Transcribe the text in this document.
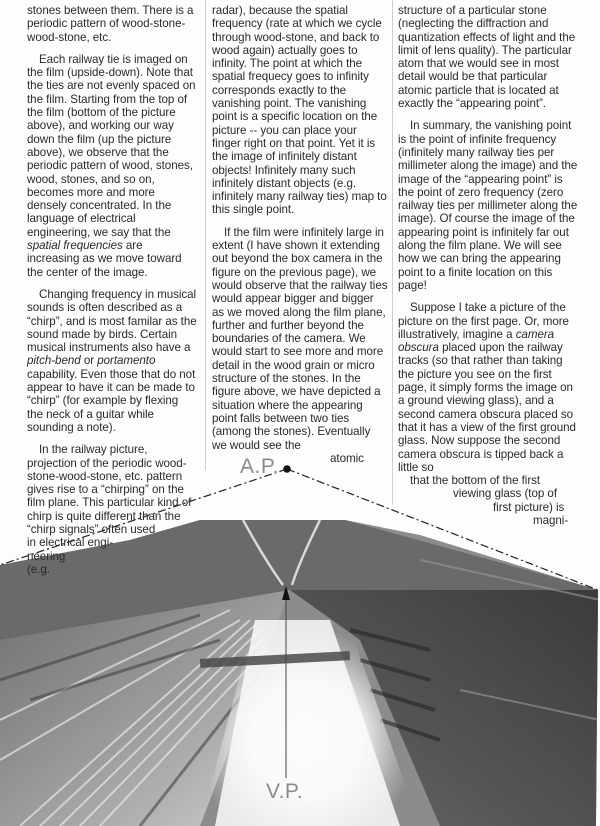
stones between them. There is a periodic pattern of wood-stone-wood-stone, etc.

Each railway tie is imaged on the film (upside-down). Note that the ties are not evenly spaced on the film. Starting from the top of the film (bottom of the picture above), and working our way down the film (up the picture above), we observe that the periodic pattern of wood, stones, wood, stones, and so on, becomes more and more densely concentrated. In the language of electrical engineering, we say that the spatial frequencies are increasing as we move toward the center of the image.

Changing frequency in musical sounds is often described as a “chirp”, and is most familar as the sound made by birds. Certain musical instruments also have a pitch-bend or portamento capability. Even those that do not appear to have it can be made to “chirp” (for example by flexing the neck of a guitar while sounding a note).

In the railway picture, projection of the periodic wood-stone-wood-stone, etc. pattern gives rise to a “chirping” on the film plane. This particular kind of chirp is quite different than the “chirp signals” often used

in electrical engi-
neering
(e.g.

radar), because the spatial frequency (rate at which we cycle through wood-stone, and back to wood again) actually goes to infinity. The point at which the spatial frequecy goes to infinity corresponds exactly to the vanishing point. The vanishing point is a specific location on the picture -- you can place your finger right on that point. Yet it is the image of infinitely distant objects! Infinitely many such infinitely distant objects (e.g. infinitely many railway ties) map to this single point.

If the film were infinitely large in extent (I have shown it extending out beyond the box camera in the figure on the previous page), we would observe that the railway ties would appear bigger and bigger as we moved along the film plane, further and further beyond the boundaries of the camera. We would start to see more and more detail in the wood grain or micro structure of the stones. In the figure above, we have depicted a situation where the appearing point falls between two ties (among the stones). Eventually we would see the

atomic

structure of a particular stone (neglecting the diffraction and quantization effects of light and the limit of lens quality). The particular atom that we would see in most detail would be that particular atomic particle that is located at exactly the “appearing point”.

In summary, the vanishing point is the point of infinite frequency (infinitely many railway ties per millimeter along the image) and the image of the “appearing point” is the point of zero frequency (zero railway ties per millimeter along the image). Of course the image of the appearing point is infinitely far out along the film plane. We will see how we can bring the appearing point to a finite location on this page!

Suppose I take a picture of the picture on the first page. Or, more illustratively, imagine a camera obscura placed upon the railway tracks (so that rather than taking the picture you see on the first page, it simply forms the image on a ground viewing glass), and a second camera obscura placed so that it has a view of the first ground glass. Now suppose the second camera obscura is tipped back a little so

that the bottom of the first
viewing glass (top of
first picture) is
magni-
A.P.
V.P.
